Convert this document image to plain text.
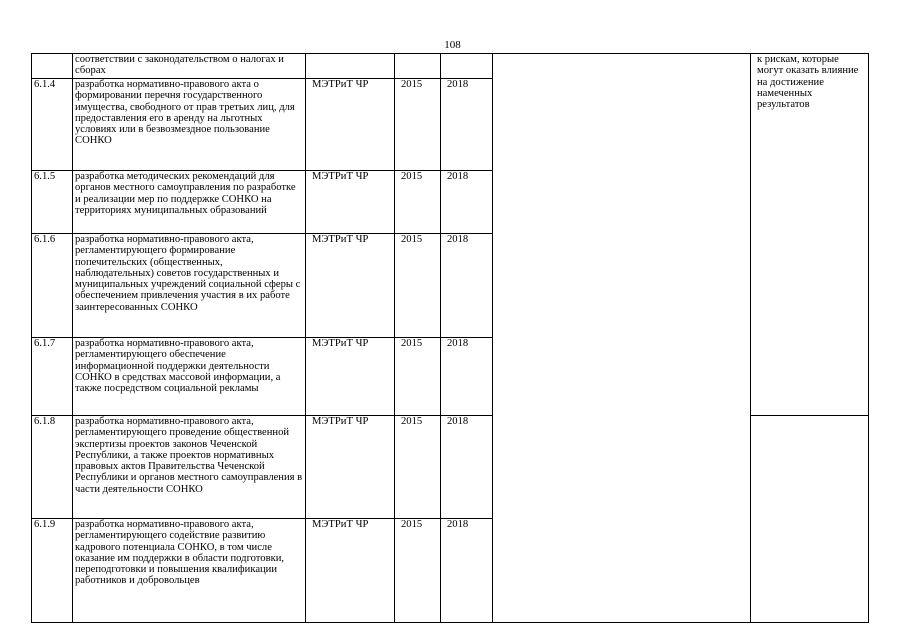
108
	соответствии с законодательством о налогах и сборах					к рискам, которые могут оказать влияние на достижение намеченных результатов
6.1.4	разработка нормативно-правового акта о формировании перечня государственного имущества, свободного от прав третьих лиц, для предоставления его в аренду на льготных условиях или в безвозмездное пользование СОНКО	МЭТРиТ ЧР	2015	2018		
6.1.5	разработка методических рекомендаций для органов местного самоуправления по разработке и реализации мер по поддержке СОНКО на территориях муниципальных образований	МЭТРиТ ЧР	2015	2018		
6.1.6	разработка нормативно-правового акта, регламентирующего формирование попечительских (общественных, наблюдательных) советов государственных и муниципальных учреждений социальной сферы с обеспечением привлечения участия в их работе заинтересованных СОНКО	МЭТРиТ ЧР	2015	2018		
6.1.7	разработка нормативно-правового акта, регламентирующего обеспечение информационной поддержки деятельности СОНКО в средствах массовой информации, а также посредством социальной рекламы	МЭТРиТ ЧР	2015	2018		
6.1.8	разработка нормативно-правового акта, регламентирующего проведение общественной экспертизы проектов законов Чеченской Республики, а также проектов нормативных правовых актов Правительства Чеченской Республики и органов местного самоуправления в части деятельности СОНКО	МЭТРиТ ЧР	2015	2018		
6.1.9	разработка нормативно-правового акта, регламентирующего содействие развитию кадрового потенциала СОНКО, в том числе оказание им поддержки в области подготовки, переподготовки и повышения квалификации работников и добровольцев	МЭТРиТ ЧР	2015	2018		
